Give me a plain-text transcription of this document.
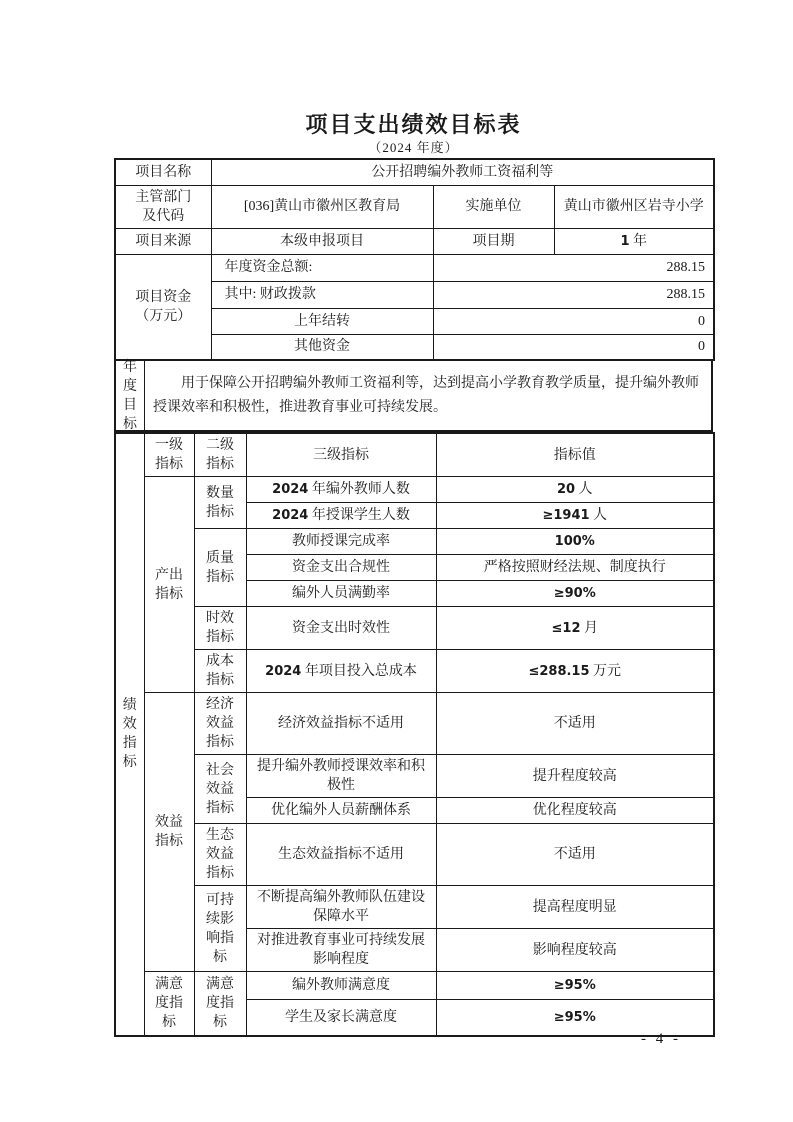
项目支出绩效目标表
（2024 年度）
项目名称	公开招聘编外教师工资福利等		

主管部门
及代码	[036]黄山市徽州区教育局	实施单位	黄山市徽州区岩寺小学
项目来源	本级申报项目	项目期	1 年

项目资金
（万元）	年度资金总额:	288.15	
	其中: 财政拨款	288.15	
	上年结转	0	
	其他资金	0	
年度目标

用于保障公开招聘编外教师工资福利等，达到提高小学教育教学质量，提升编外教师授课效率和积极性，推进教育事业可持续发展。

绩效指标	一级指标	二级指标	三级指标	指标值
	产出指标	数量指标	2024 年编外教师人数	20 人
			2024 年授课学生人数	≥1941 人
		质量指标	教师授课完成率	100%
			资金支出合规性	严格按照财经法规、制度执行
			编外人员满勤率	≥90%
		时效指标	资金支出时效性	≤12 月
		成本指标	2024 年项目投入总成本	≤288.15 万元
	效益指标	经济效益指标	经济效益指标不适用	不适用
		社会效益指标	提升编外教师授课效率和积极性	提升程度较高
			优化编外人员薪酬体系	优化程度较高
		生态效益指标	生态效益指标不适用	不适用
		可持续影响指标	不断提高编外教师队伍建设保障水平	提高程度明显
			对推进教育事业可持续发展影响程度	影响程度较高
	满意度指标	满意度指标	编外教师满意度	≥95%
			学生及家长满意度	≥95%
- 4 -
